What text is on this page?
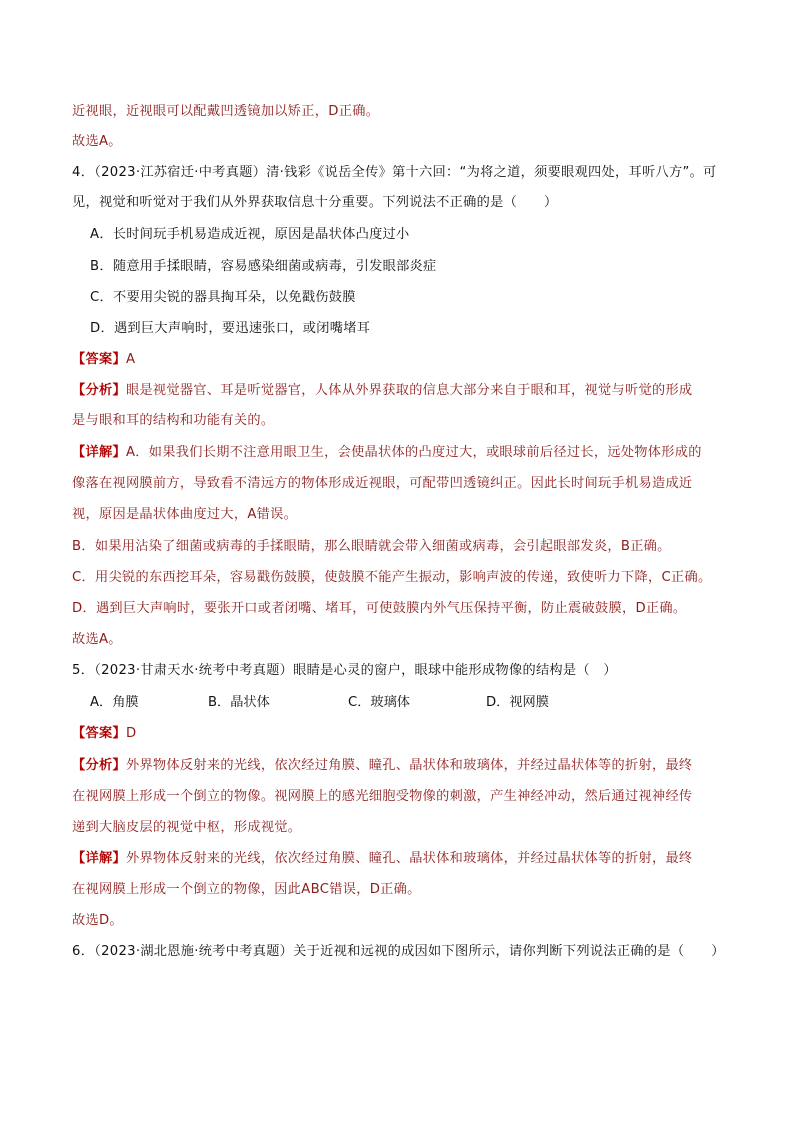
近视眼，近视眼可以配戴凹透镜加以矫正，D正确。
故选A。
4．（2023·江苏宿迁·中考真题）清·钱彩《说岳全传》第十六回：“为将之道，须要眼观四处，耳听八方”。可
见，视觉和听觉对于我们从外界获取信息十分重要。下列说法不正确的是（　　）
A．长时间玩手机易造成近视，原因是晶状体凸度过小
B．随意用手揉眼睛，容易感染细菌或病毒，引发眼部炎症
C．不要用尖锐的器具掏耳朵，以免戳伤鼓膜
D．遇到巨大声响时，要迅速张口，或闭嘴堵耳
【答案】A
【分析】眼是视觉器官、耳是听觉器官，人体从外界获取的信息大部分来自于眼和耳，视觉与听觉的形成
是与眼和耳的结构和功能有关的。
【详解】A．如果我们长期不注意用眼卫生，会使晶状体的凸度过大，或眼球前后径过长，远处物体形成的
像落在视网膜前方，导致看不清远方的物体形成近视眼，可配带凹透镜纠正。因此长时间玩手机易造成近
视，原因是晶状体曲度过大，A错误。
B．如果用沾染了细菌或病毒的手揉眼睛，那么眼睛就会带入细菌或病毒，会引起眼部发炎，B正确。
C．用尖锐的东西挖耳朵，容易戳伤鼓膜，使鼓膜不能产生振动，影响声波的传递，致使听力下降，C正确。
D．遇到巨大声响时，要张开口或者闭嘴、堵耳，可使鼓膜内外气压保持平衡，防止震破鼓膜，D正确。
故选A。
5．（2023·甘肃天水·统考中考真题）眼睛是心灵的窗户，眼球中能形成物像的结构是（　）
A．角膜	B．晶状体	C．玻璃体	D．视网膜
【答案】D
【分析】外界物体反射来的光线，依次经过角膜、瞳孔、晶状体和玻璃体，并经过晶状体等的折射，最终
在视网膜上形成一个倒立的物像。视网膜上的感光细胞受物像的刺激，产生神经冲动，然后通过视神经传
递到大脑皮层的视觉中枢，形成视觉。
【详解】外界物体反射来的光线，依次经过角膜、瞳孔、晶状体和玻璃体，并经过晶状体等的折射，最终
在视网膜上形成一个倒立的物像，因此ABC错误，D正确。
故选D。
6．（2023·湖北恩施·统考中考真题）关于近视和远视的成因如下图所示，请你判断下列说法正确的是（　　）
